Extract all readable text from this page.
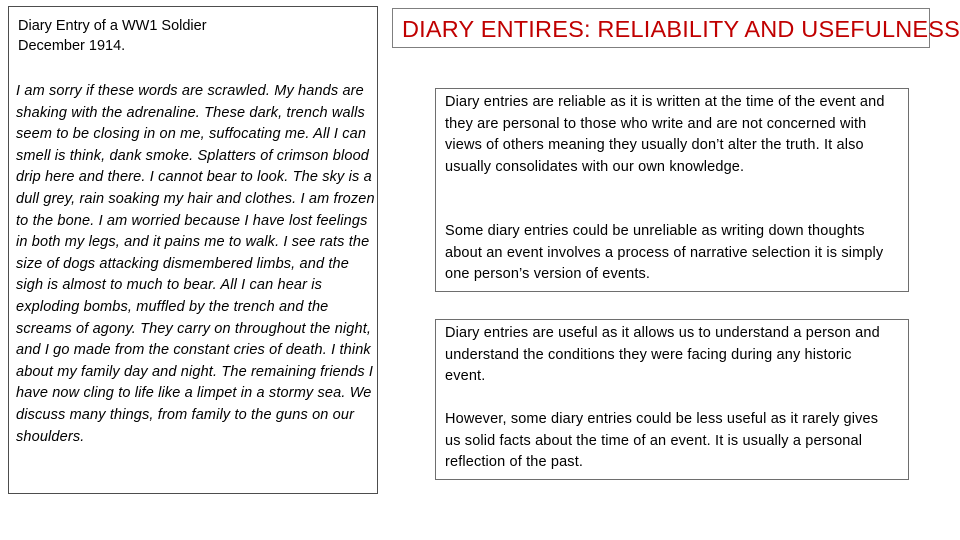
Diary Entry of a WW1 Soldier
December 1914.

I am sorry if these words are scrawled. My hands are shaking with the adrenaline. These dark, trench walls seem to be closing in on me, suffocating me. All I can smell is think, dank smoke. Splatters of crimson blood drip here and there. I cannot bear to look. The sky is a dull grey, rain soaking my hair and clothes. I am frozen to the bone. I am worried because I have lost feelings in both my legs, and it pains me to walk. I see rats the size of dogs attacking dismembered limbs, and the sigh is almost to much to bear. All I can hear is exploding bombs, muffled by the trench and the screams of agony. They carry on throughout the night, and I go made from the constant cries of death. I think about my family day and night. The remaining friends I have now cling to life like a limpet in a stormy sea. We discuss many things, from family to the guns on our shoulders.

DIARY ENTIRES: RELIABILITY AND USEFULNESS

Diary entries are reliable as it is written at the time of the event and they are personal to those who write and are not concerned with views of others meaning they usually don’t alter the truth. It also usually consolidates with our own knowledge.

Some diary entries could be unreliable as writing down thoughts about an event involves a process of narrative selection it is simply one person’s version of events.

Diary entries are useful as it allows us to understand a person and understand the conditions they were facing during any historic event.

However, some diary entries could be less useful as it rarely gives us solid facts about the time of an event. It is usually a personal reflection of the past.
